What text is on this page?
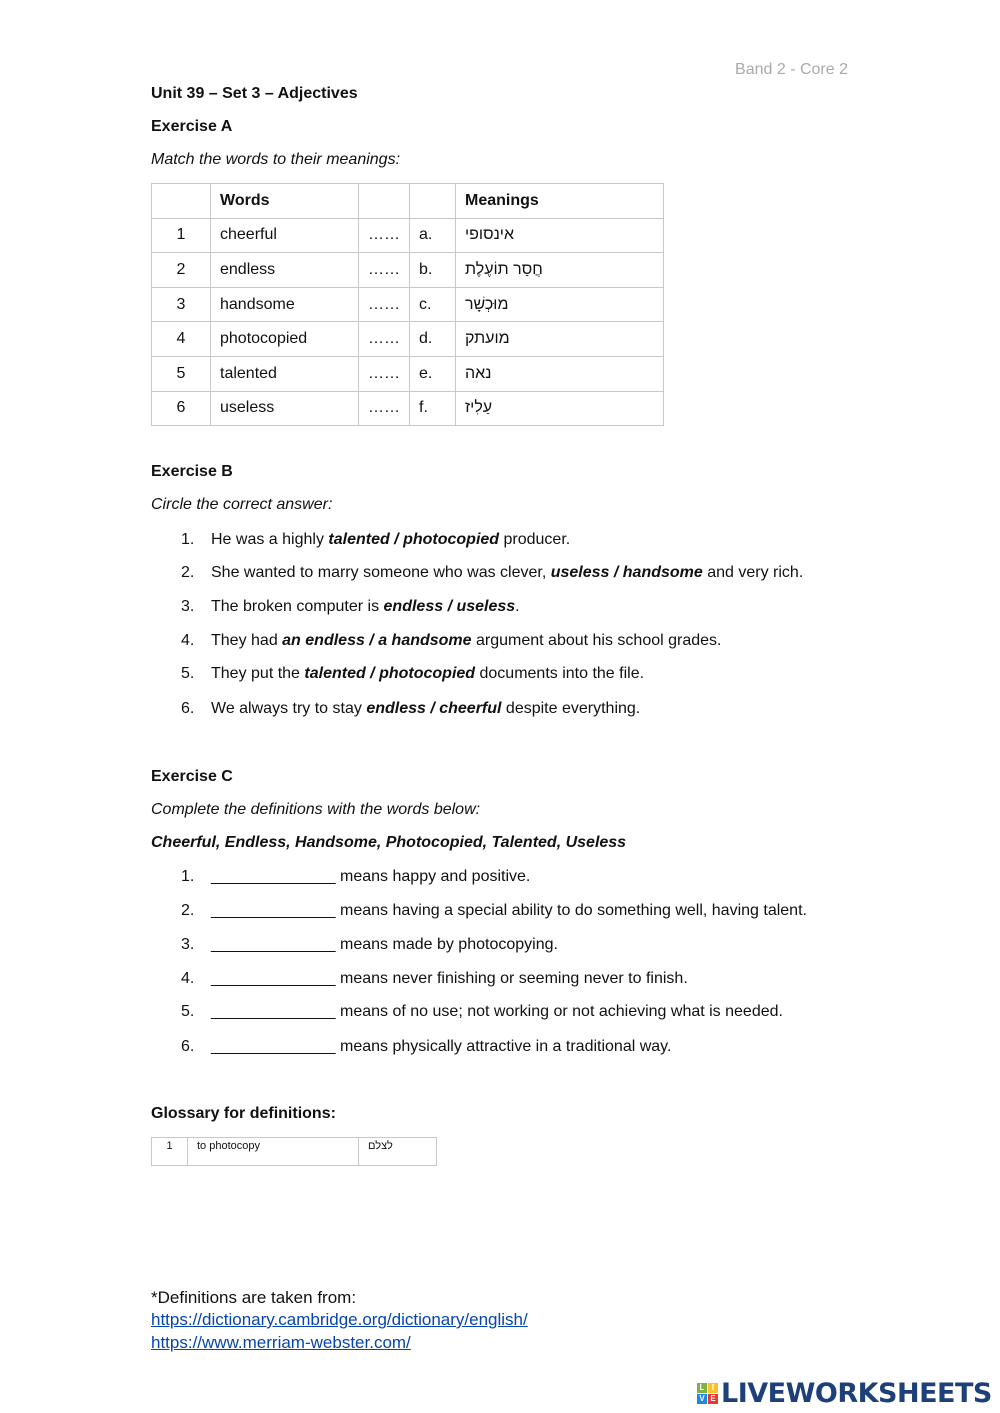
Band 2 - Core 2
Unit 39 – Set 3 – Adjectives
Exercise A
Match the words to their meanings:
	Words			Meanings
1	cheerful	……	a.	אינסופי
2	endless	……	b.	חֲסַר תוֹעֶלֶת
3	handsome	……	c.	מוּכְשָׁר
4	photocopied	……	d.	מועתק
5	talented	……	e.	נאה
6	useless	……	f.	עַלִיז
Exercise B
Circle the correct answer:
1. He was a highly talented / photocopied producer.
2. She wanted to marry someone who was clever, useless / handsome and very rich.
3. The broken computer is endless / useless.
4. They had an endless / a handsome argument about his school grades.
5. They put the talented / photocopied documents into the file.
6. We always try to stay endless / cheerful despite everything.
Exercise C
Complete the definitions with the words below:
Cheerful, Endless, Handsome, Photocopied, Talented, Useless
1. ______________ means happy and positive.
2. ______________ means having a special ability to do something well, having talent.
3. ______________ means made by photocopying.
4. ______________ means never finishing or seeming never to finish.
5. ______________ means of no use; not working or not achieving what is needed.
6. ______________ means physically attractive in a traditional way.
Glossary for definitions:
1	to photocopy	לצלם
*Definitions are taken from:
https://dictionary.cambridge.org/dictionary/english/
https://www.merriam-webster.com/
L I
V E LIVEWORKSHEETS
